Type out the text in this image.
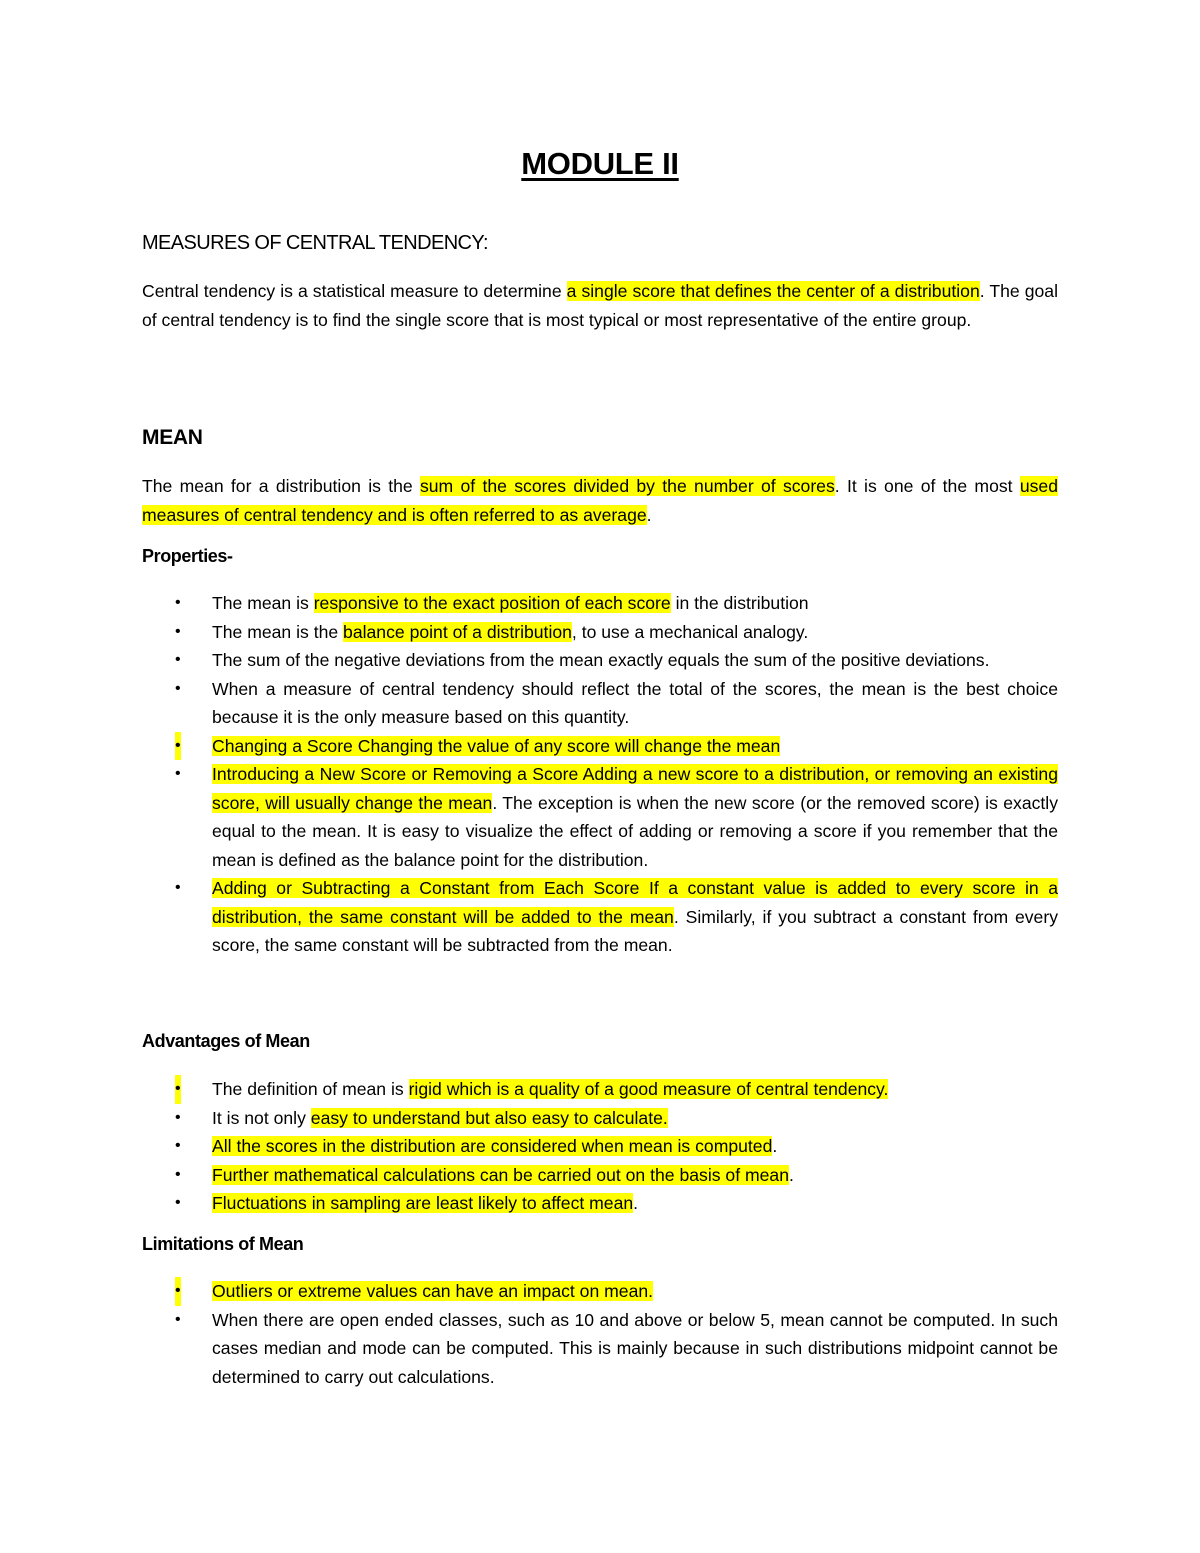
MODULE II
MEASURES OF CENTRAL TENDENCY:

Central tendency is a statistical measure to determine a single score that defines the center of a distribution. The goal of central tendency is to find the single score that is most typical or most representative of the entire group.

MEAN

The mean for a distribution is the sum of the scores divided by the number of scores. It is one of the most used measures of central tendency and is often referred to as average.

Properties-
• The mean is responsive to the exact position of each score in the distribution
• The mean is the balance point of a distribution, to use a mechanical analogy.
• The sum of the negative deviations from the mean exactly equals the sum of the positive deviations.
• When a measure of central tendency should reflect the total of the scores, the mean is the best choice because it is the only measure based on this quantity.
• Changing a Score Changing the value of any score will change the mean
• Introducing a New Score or Removing a Score Adding a new score to a distribution, or removing an existing score, will usually change the mean. The exception is when the new score (or the removed score) is exactly equal to the mean. It is easy to visualize the effect of adding or removing a score if you remember that the mean is defined as the balance point for the distribution.
• Adding or Subtracting a Constant from Each Score If a constant value is added to every score in a distribution, the same constant will be added to the mean. Similarly, if you subtract a constant from every score, the same constant will be subtracted from the mean.
Advantages of Mean
• The definition of mean is rigid which is a quality of a good measure of central tendency.
• It is not only easy to understand but also easy to calculate.
• All the scores in the distribution are considered when mean is computed.
• Further mathematical calculations can be carried out on the basis of mean.
• Fluctuations in sampling are least likely to affect mean.
Limitations of Mean
• Outliers or extreme values can have an impact on mean.
• When there are open ended classes, such as 10 and above or below 5, mean cannot be computed. In such cases median and mode can be computed. This is mainly because in such distributions midpoint cannot be determined to carry out calculations.
